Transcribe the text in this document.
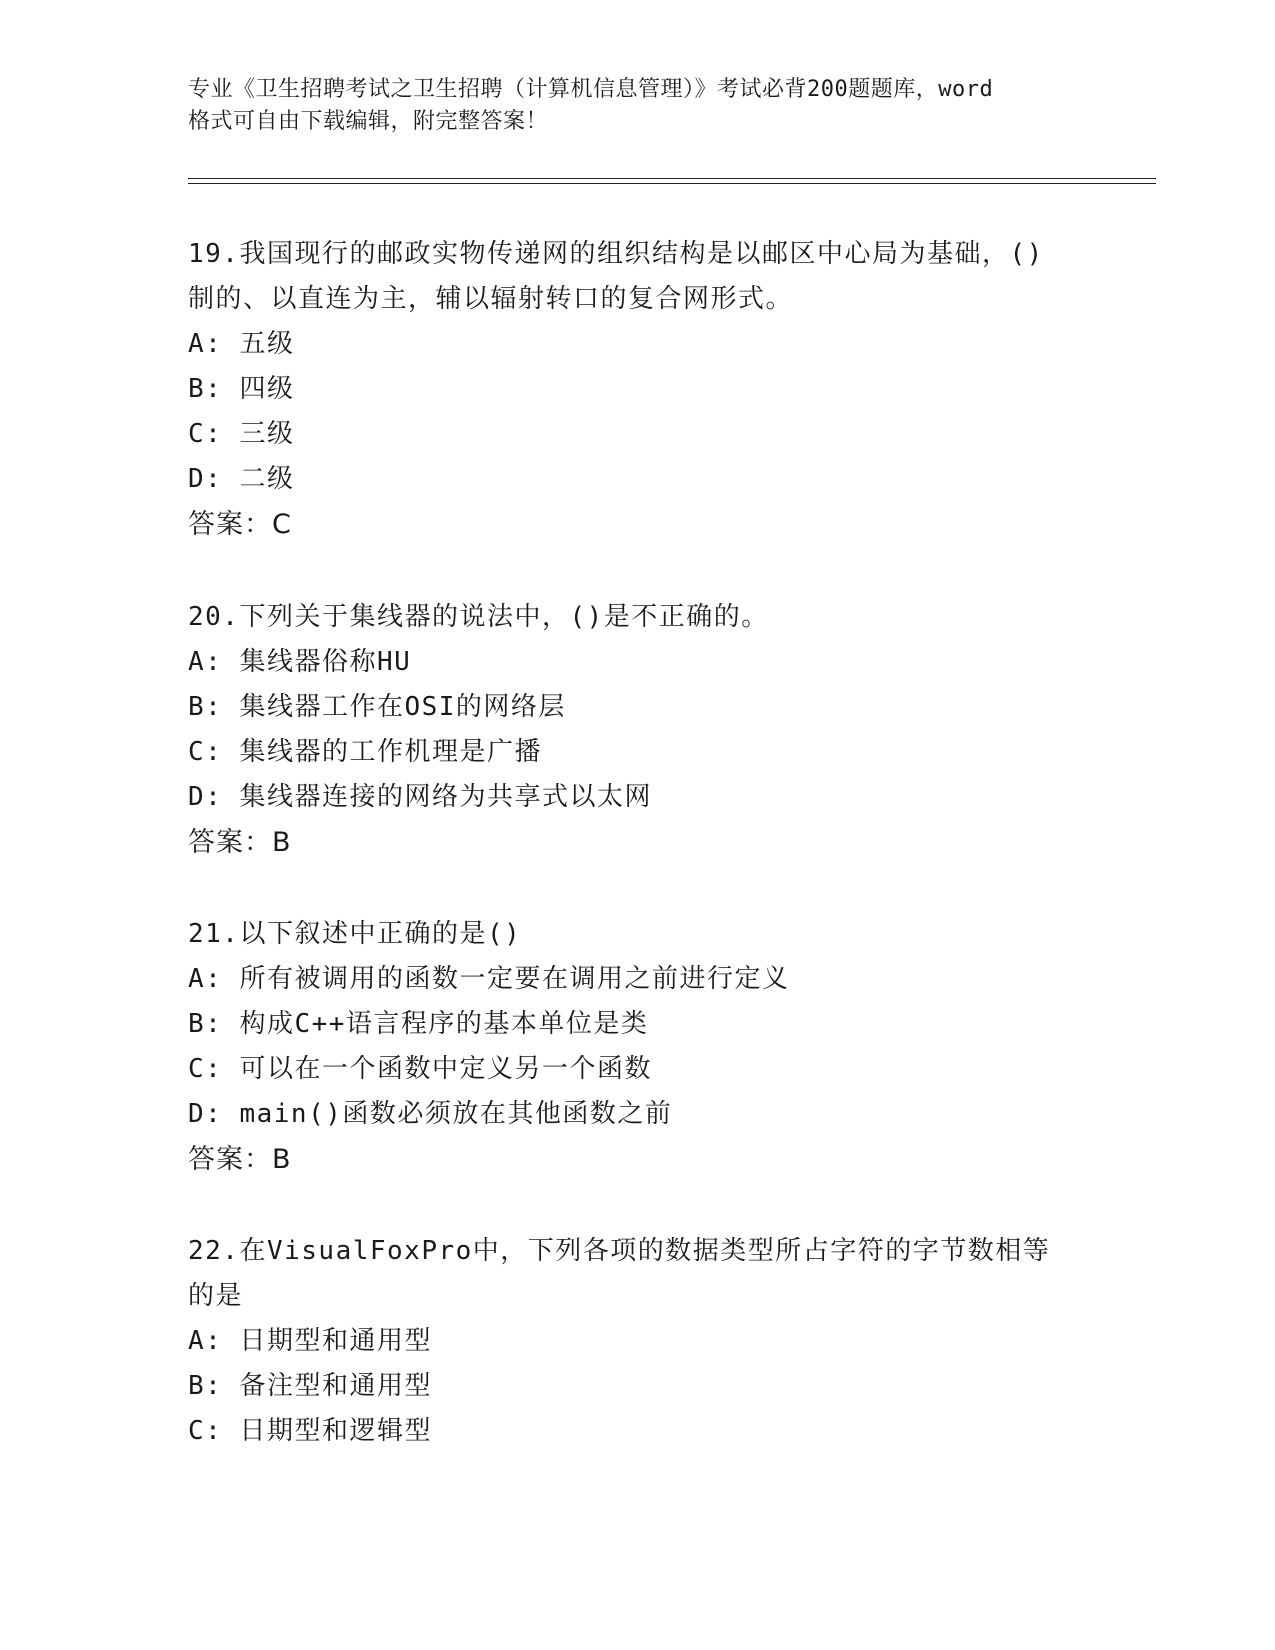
专业《卫生招聘考试之卫生招聘（计算机信息管理）》考试必背200题题库，word
格式可自由下载编辑，附完整答案！
19.我国现行的邮政实物传递网的组织结构是以邮区中心局为基础，()
制的、以直连为主，辅以辐射转口的复合网形式。
A: 五级
B: 四级
C: 三级
D: 二级
答案：C
20.下列关于集线器的说法中，()是不正确的。
A: 集线器俗称HU
B: 集线器工作在OSI的网络层
C: 集线器的工作机理是广播
D: 集线器连接的网络为共享式以太网
答案：B
21.以下叙述中正确的是()
A: 所有被调用的函数一定要在调用之前进行定义
B: 构成C++语言程序的基本单位是类
C: 可以在一个函数中定义另一个函数
D: main()函数必须放在其他函数之前
答案：B
22.在VisualFoxPro中，下列各项的数据类型所占字符的字节数相等
的是
A: 日期型和通用型
B: 备注型和通用型
C: 日期型和逻辑型
